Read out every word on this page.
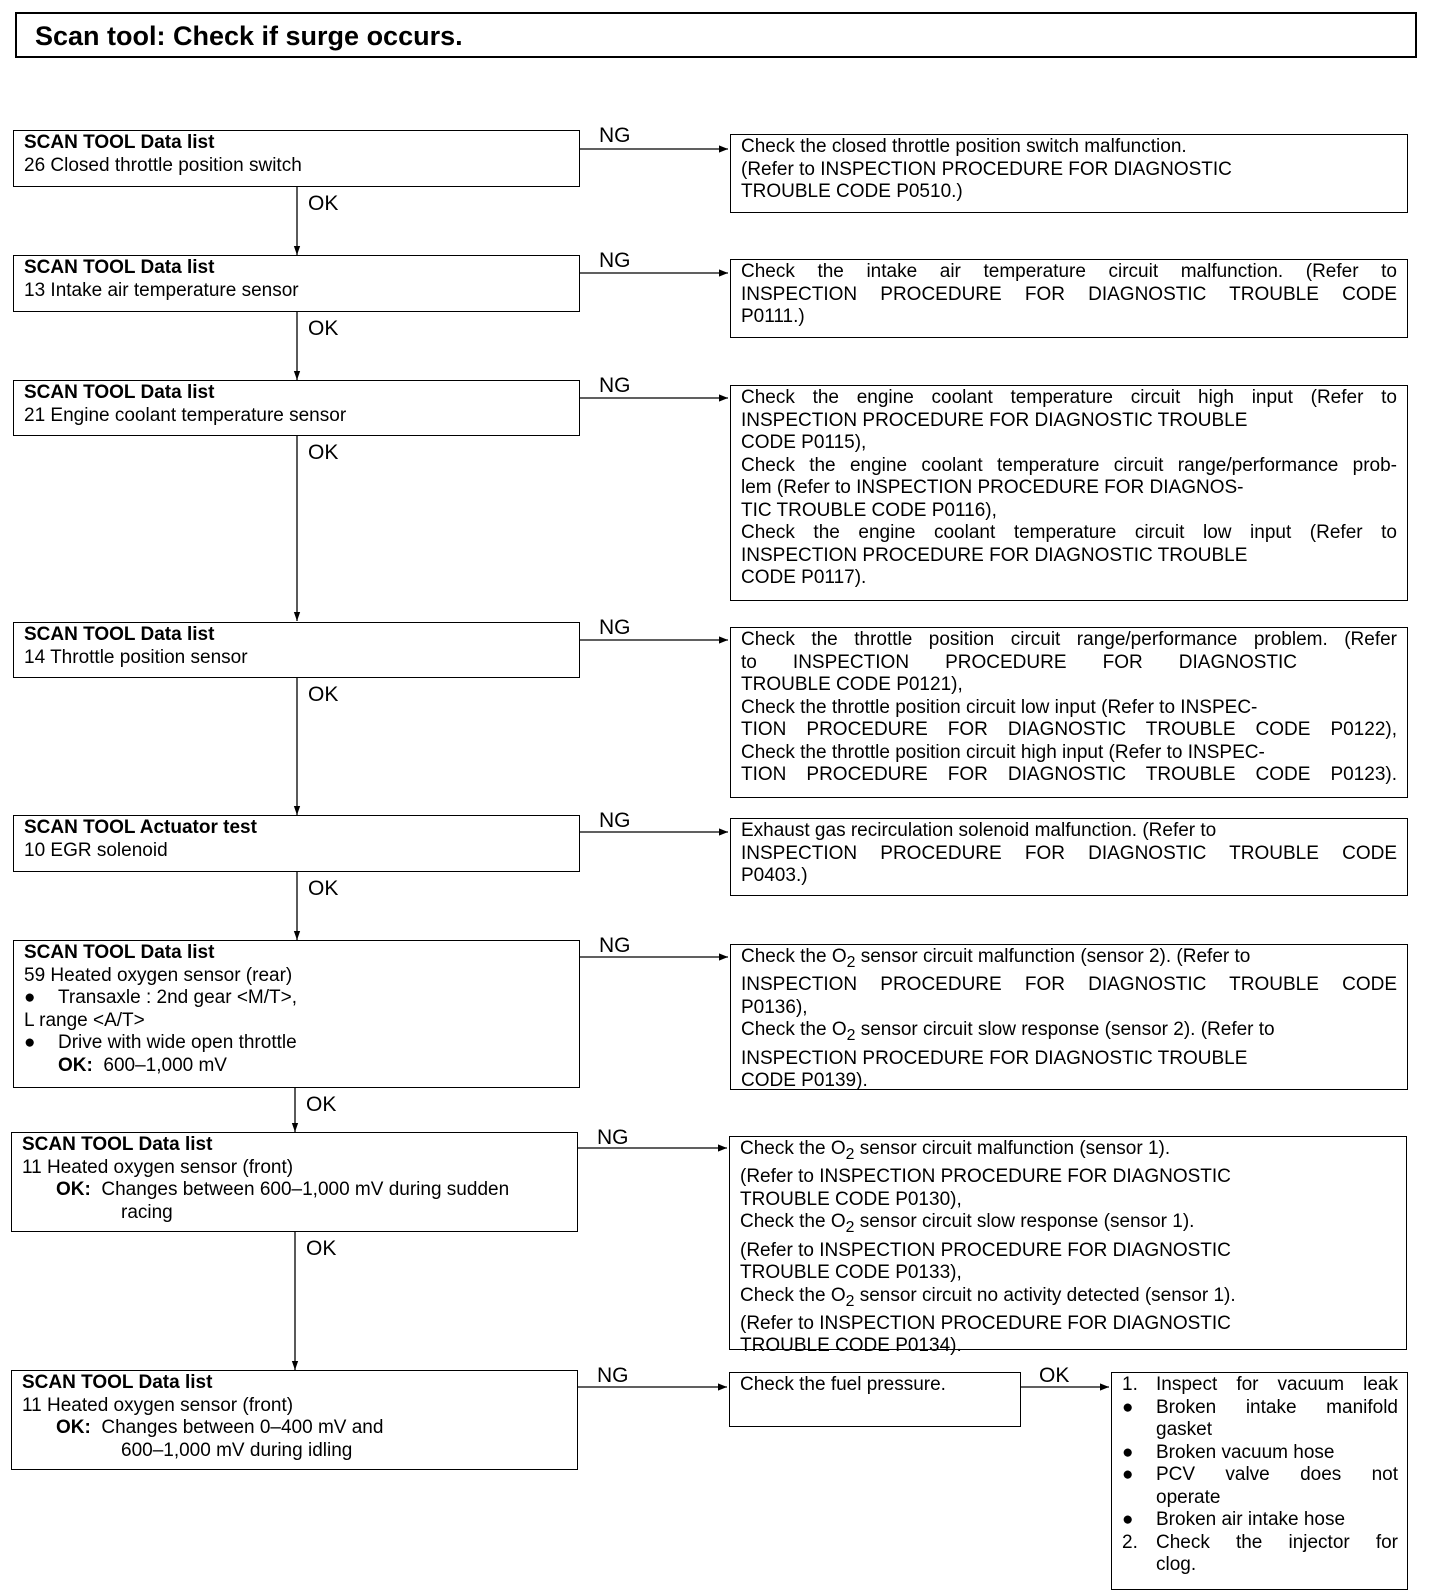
Scan tool: Check if surge occurs.
SCAN TOOL Data list
26 Closed throttle position switch
NG
OK
Check the closed throttle position switch malfunction.
(Refer to INSPECTION PROCEDURE FOR DIAGNOSTIC
TROUBLE CODE P0510.)
SCAN TOOL Data list
13 Intake air temperature sensor
NG
OK
Check the intake air temperature circuit malfunction. (Refer to
INSPECTION PROCEDURE FOR DIAGNOSTIC TROUBLE CODE
P0111.)
SCAN TOOL Data list
21 Engine coolant temperature sensor
NG
OK
Check the engine coolant temperature circuit high input (Refer to
INSPECTION PROCEDURE FOR DIAGNOSTIC TROUBLE
CODE P0115),
Check the engine coolant temperature circuit range/performance prob-
lem (Refer to INSPECTION PROCEDURE FOR DIAGNOS-
TIC TROUBLE CODE P0116),
Check the engine coolant temperature circuit low input (Refer to
INSPECTION PROCEDURE FOR DIAGNOSTIC TROUBLE
CODE P0117).
SCAN TOOL Data list
14 Throttle position sensor
NG
OK
Check the throttle position circuit range/performance problem. (Refer
to INSPECTION PROCEDURE FOR DIAGNOSTIC
TROUBLE CODE P0121),
Check the throttle position circuit low input (Refer to INSPEC-
TION PROCEDURE FOR DIAGNOSTIC TROUBLE CODE P0122),
Check the throttle position circuit high input (Refer to INSPEC-
TION PROCEDURE FOR DIAGNOSTIC TROUBLE CODE P0123).
SCAN TOOL Actuator test
10 EGR solenoid
NG
OK
Exhaust gas recirculation solenoid malfunction. (Refer to
INSPECTION PROCEDURE FOR DIAGNOSTIC TROUBLE CODE
P0403.)
SCAN TOOL Data list
59 Heated oxygen sensor (rear)
●	Transaxle : 2nd gear <M/T>,
L range <A/T>
●	Drive with wide open throttle
OK: 600–1,000 mV
NG
OK
Check the $O_2$ sensor circuit malfunction (sensor 2). (Refer to
INSPECTION PROCEDURE FOR DIAGNOSTIC TROUBLE CODE
P0136),
Check the $O_2$ sensor circuit slow response (sensor 2). (Refer to
INSPECTION PROCEDURE FOR DIAGNOSTIC TROUBLE
CODE P0139).
SCAN TOOL Data list
11 Heated oxygen sensor (front)
OK: Changes between 600–1,000 mV during sudden
racing
NG
OK
Check the $O_2$ sensor circuit malfunction (sensor 1).
(Refer to INSPECTION PROCEDURE FOR DIAGNOSTIC
TROUBLE CODE P0130),
Check the $O_2$ sensor circuit slow response (sensor 1).
(Refer to INSPECTION PROCEDURE FOR DIAGNOSTIC
TROUBLE CODE P0133),
Check the $O_2$ sensor circuit no activity detected (sensor 1).
(Refer to INSPECTION PROCEDURE FOR DIAGNOSTIC
TROUBLE CODE P0134).
SCAN TOOL Data list
11 Heated oxygen sensor (front)
OK: Changes between 0–400 mV and
600–1,000 mV during idling
NG	Check the fuel pressure.	OK	1. Inspect for vacuum leak
●	Broken intake manifold
gasket
●	Broken vacuum hose
●	PCV valve does not
operate
●	Broken air intake hose
2. Check the injector for
clog.
